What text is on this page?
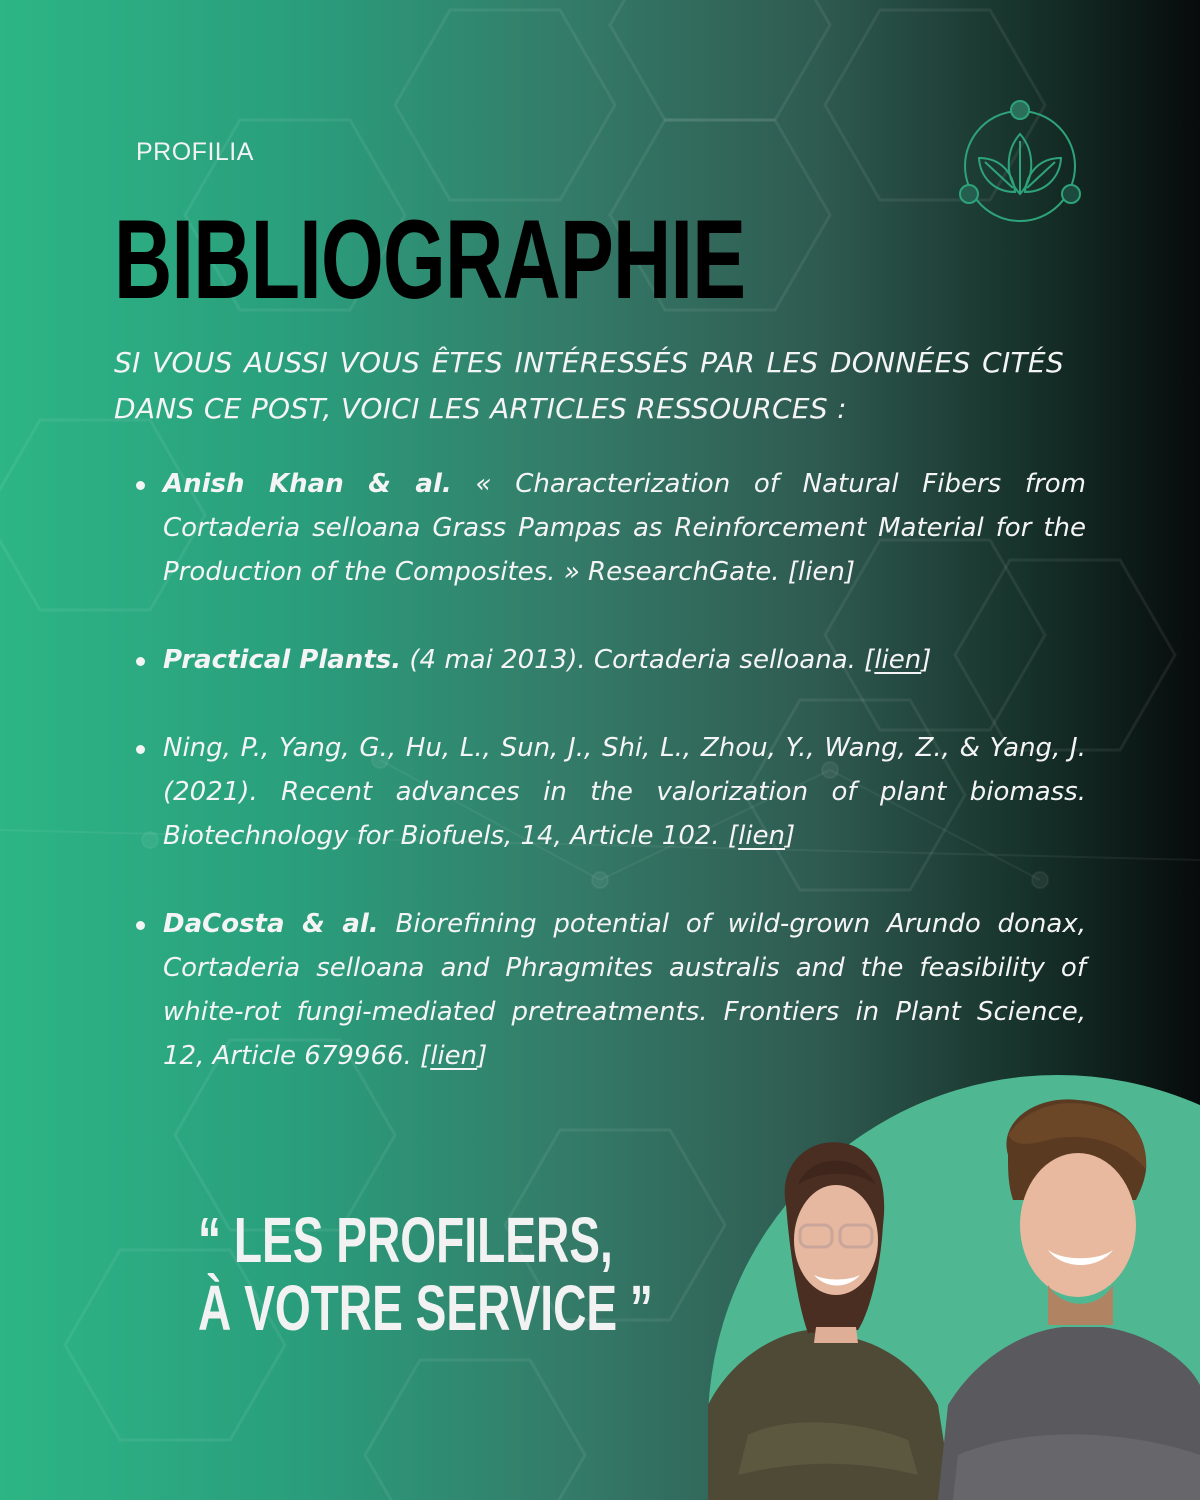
PROFILIA
BIBLIOGRAPHIE
SI VOUS AUSSI VOUS ÊTES INTÉRESSÉS PAR LES DONNÉES CITÉS DANS CE POST, VOICI LES ARTICLES RESSOURCES :
Anish Khan & al. « Characterization of Natural Fibers from Cortaderia selloana Grass Pampas as Reinforcement Material for the Production of the Composites. » ResearchGate. [lien]
Practical Plants. (4 mai 2013). Cortaderia selloana. [lien]
Ning, P., Yang, G., Hu, L., Sun, J., Shi, L., Zhou, Y., Wang, Z., & Yang, J. (2021). Recent advances in the valorization of plant biomass. Biotechnology for Biofuels, 14, Article 102. [lien]
DaCosta & al. Biorefining potential of wild-grown Arundo donax, Cortaderia selloana and Phragmites australis and the feasibility of white-rot fungi-mediated pretreatments. Frontiers in Plant Science, 12, Article 679966. [lien]
“ LES PROFILERS,
À VOTRE SERVICE ”
